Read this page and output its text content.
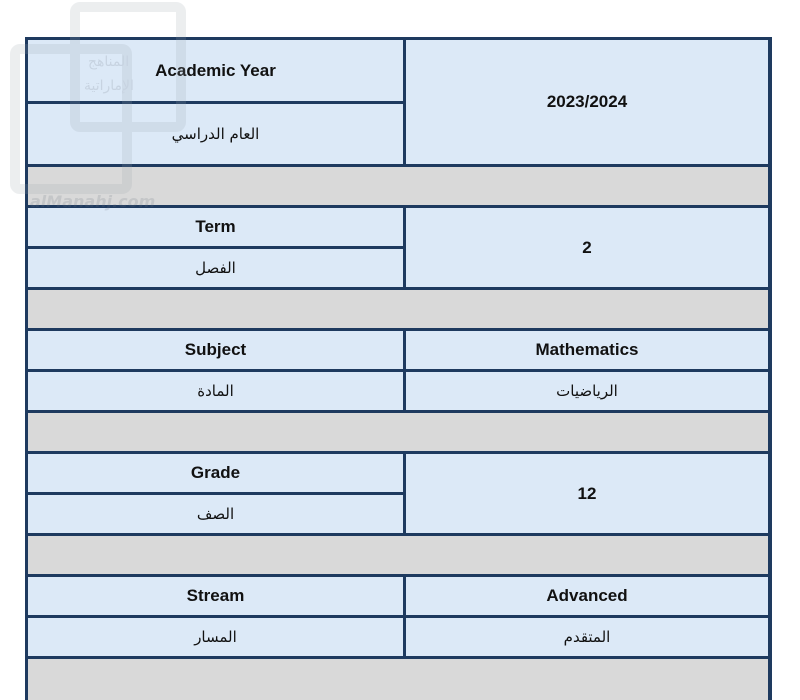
Academic Year
العام الدراسي
2023/2024
Term
الفصل
2
Subject
المادة
Mathematics
الرياضيات
Grade
الصف
12
Stream
المسار
Advanced
المتقدم
